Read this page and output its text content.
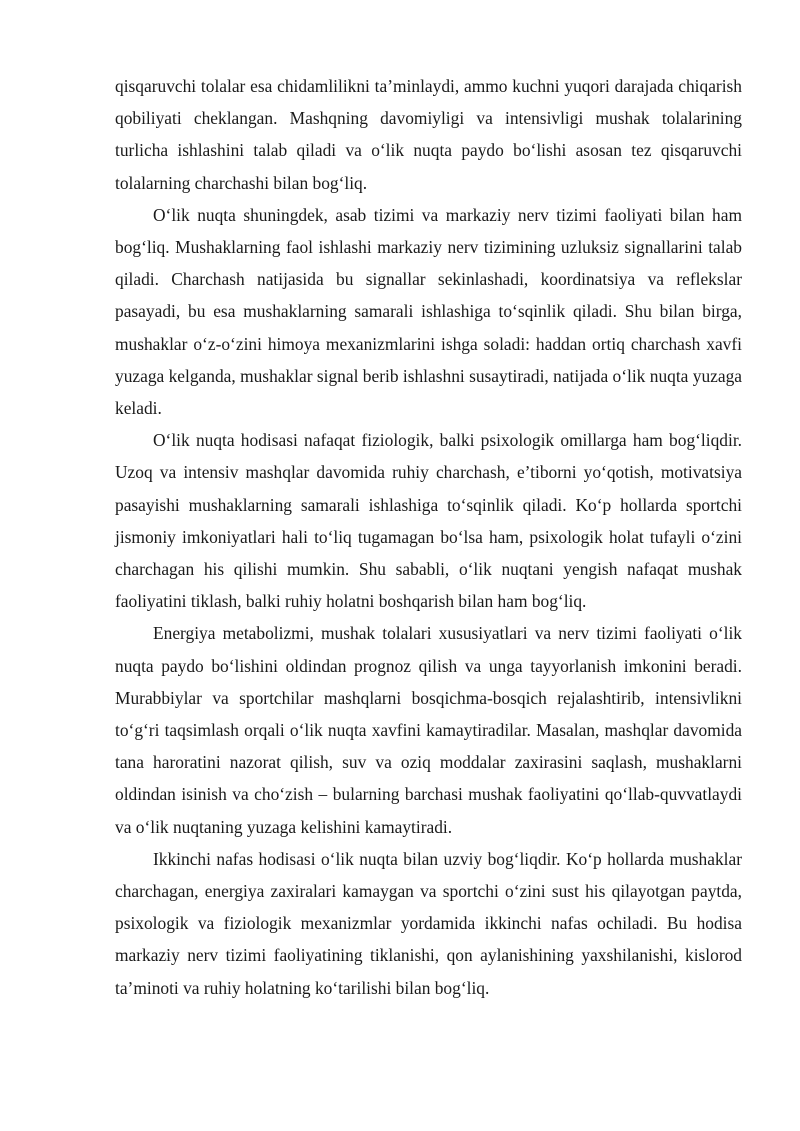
qisqaruvchi tolalar esa chidamlilikni ta’minlaydi, ammo kuchni yuqori darajada chiqarish qobiliyati cheklangan. Mashqning davomiyligi va intensivligi mushak tolalarining turlicha ishlashini talab qiladi va o‘lik nuqta paydo bo‘lishi asosan tez qisqaruvchi tolalarning charchashi bilan bog‘liq.

O‘lik nuqta shuningdek, asab tizimi va markaziy nerv tizimi faoliyati bilan ham bog‘liq. Mushaklarning faol ishlashi markaziy nerv tizimining uzluksiz signallarini talab qiladi. Charchash natijasida bu signallar sekinlashadi, koordinatsiya va reflekslar pasayadi, bu esa mushaklarning samarali ishlashiga to‘sqinlik qiladi. Shu bilan birga, mushaklar o‘z-o‘zini himoya mexanizmlarini ishga soladi: haddan ortiq charchash xavfi yuzaga kelganda, mushaklar signal berib ishlashni susaytiradi, natijada o‘lik nuqta yuzaga keladi.

O‘lik nuqta hodisasi nafaqat fiziologik, balki psixologik omillarga ham bog‘liqdir. Uzoq va intensiv mashqlar davomida ruhiy charchash, e’tiborni yo‘qotish, motivatsiya pasayishi mushaklarning samarali ishlashiga to‘sqinlik qiladi. Ko‘p hollarda sportchi jismoniy imkoniyatlari hali to‘liq tugamagan bo‘lsa ham, psixologik holat tufayli o‘zini charchagan his qilishi mumkin. Shu sababli, o‘lik nuqtani yengish nafaqat mushak faoliyatini tiklash, balki ruhiy holatni boshqarish bilan ham bog‘liq.

Energiya metabolizmi, mushak tolalari xususiyatlari va nerv tizimi faoliyati o‘lik nuqta paydo bo‘lishini oldindan prognoz qilish va unga tayyorlanish imkonini beradi. Murabbiylar va sportchilar mashqlarni bosqichma-bosqich rejalashtirib, intensivlikni to‘g‘ri taqsimlash orqali o‘lik nuqta xavfini kamaytiradilar. Masalan, mashqlar davomida tana haroratini nazorat qilish, suv va oziq moddalar zaxirasini saqlash, mushaklarni oldindan isinish va cho‘zish – bularning barchasi mushak faoliyatini qo‘llab-quvvatlaydi va o‘lik nuqtaning yuzaga kelishini kamaytiradi.

Ikkinchi nafas hodisasi o‘lik nuqta bilan uzviy bog‘liqdir. Ko‘p hollarda mushaklar charchagan, energiya zaxiralari kamaygan va sportchi o‘zini sust his qilayotgan paytda, psixologik va fiziologik mexanizmlar yordamida ikkinchi nafas ochiladi. Bu hodisa markaziy nerv tizimi faoliyatining tiklanishi, qon aylanishining yaxshilanishi, kislorod ta’minoti va ruhiy holatning ko‘tarilishi bilan bog‘liq.
